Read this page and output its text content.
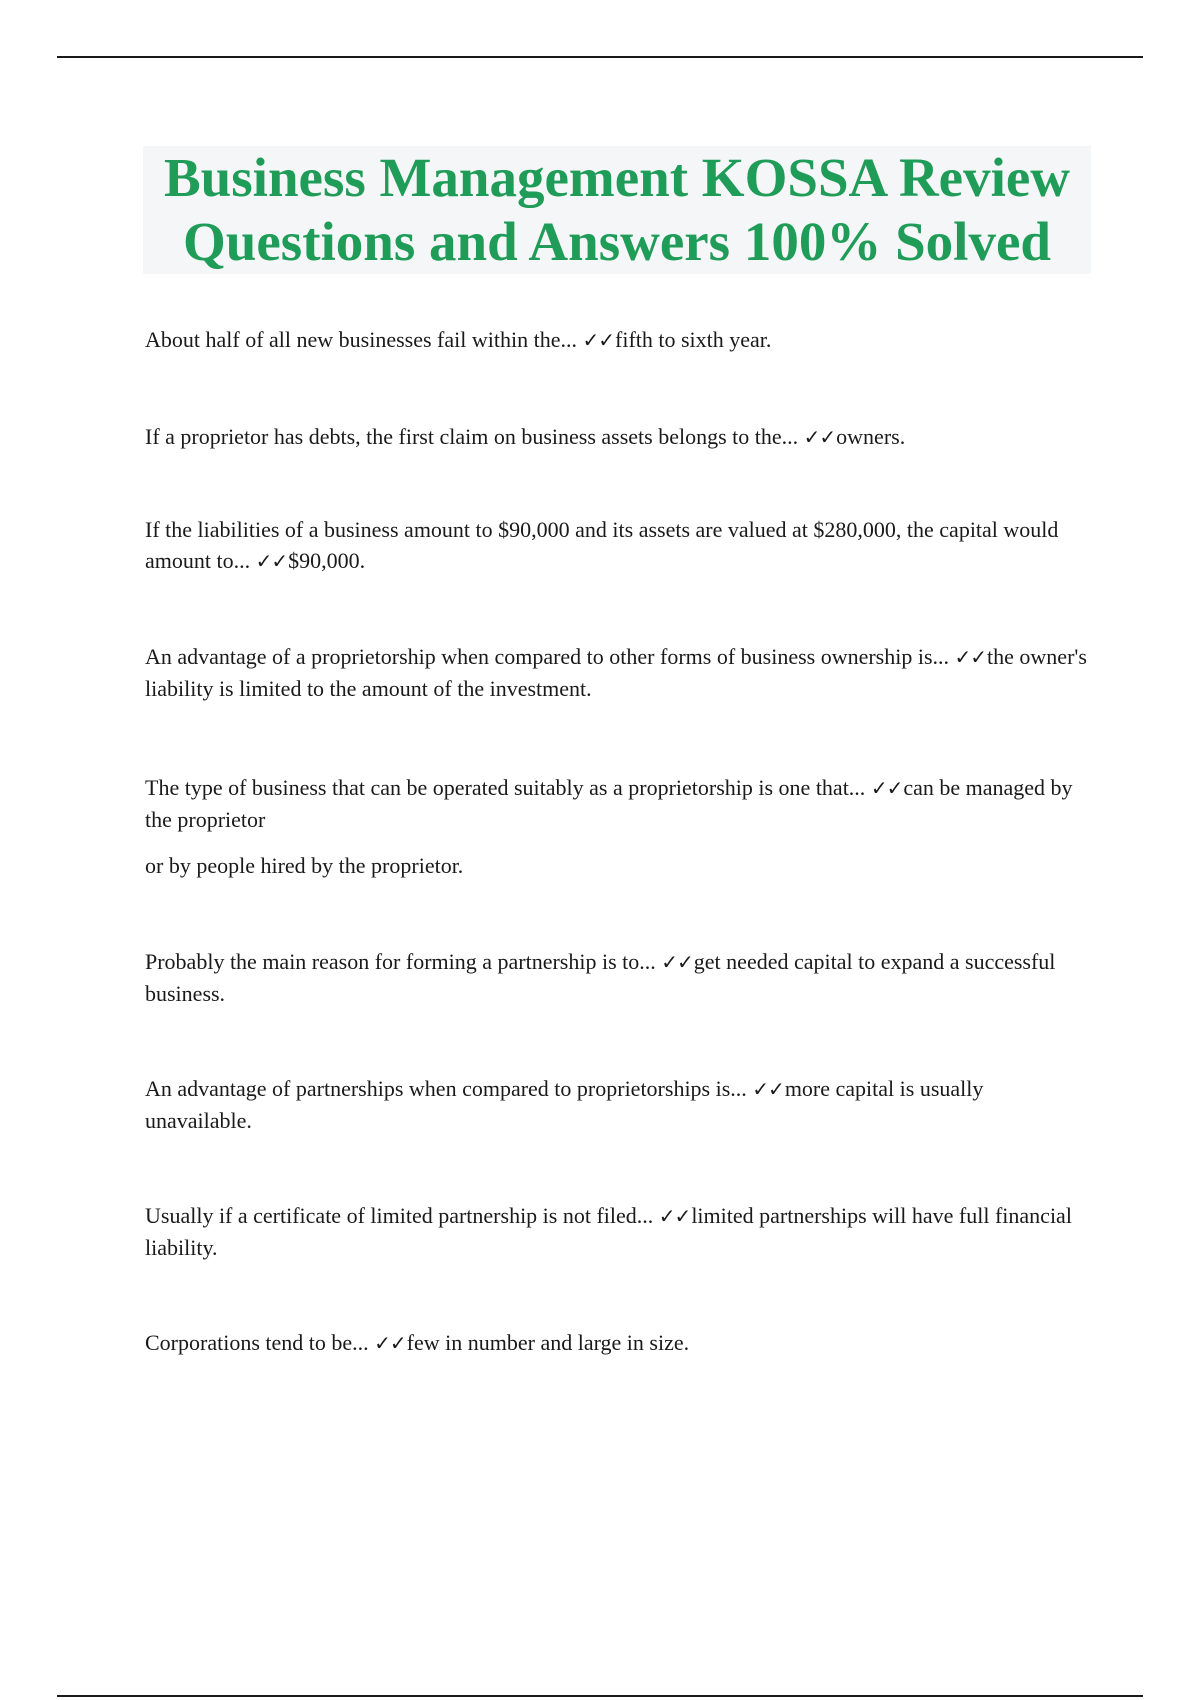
Business Management KOSSA Review
Questions and Answers 100% Solved

About half of all new businesses fail within the... ✓✓fifth to sixth year.

If a proprietor has debts, the first claim on business assets belongs to the... ✓✓owners.

If the liabilities of a business amount to $90,000 and its assets are valued at $280,000, the capital would amount to... ✓✓$90,000.

An advantage of a proprietorship when compared to other forms of business ownership is... ✓✓the owner's liability is limited to the amount of the investment.

The type of business that can be operated suitably as a proprietorship is one that... ✓✓can be managed by the proprietor

or by people hired by the proprietor.

Probably the main reason for forming a partnership is to... ✓✓get needed capital to expand a successful business.

An advantage of partnerships when compared to proprietorships is... ✓✓more capital is usually unavailable.

Usually if a certificate of limited partnership is not filed... ✓✓limited partnerships will have full financial liability.

Corporations tend to be... ✓✓few in number and large in size.
